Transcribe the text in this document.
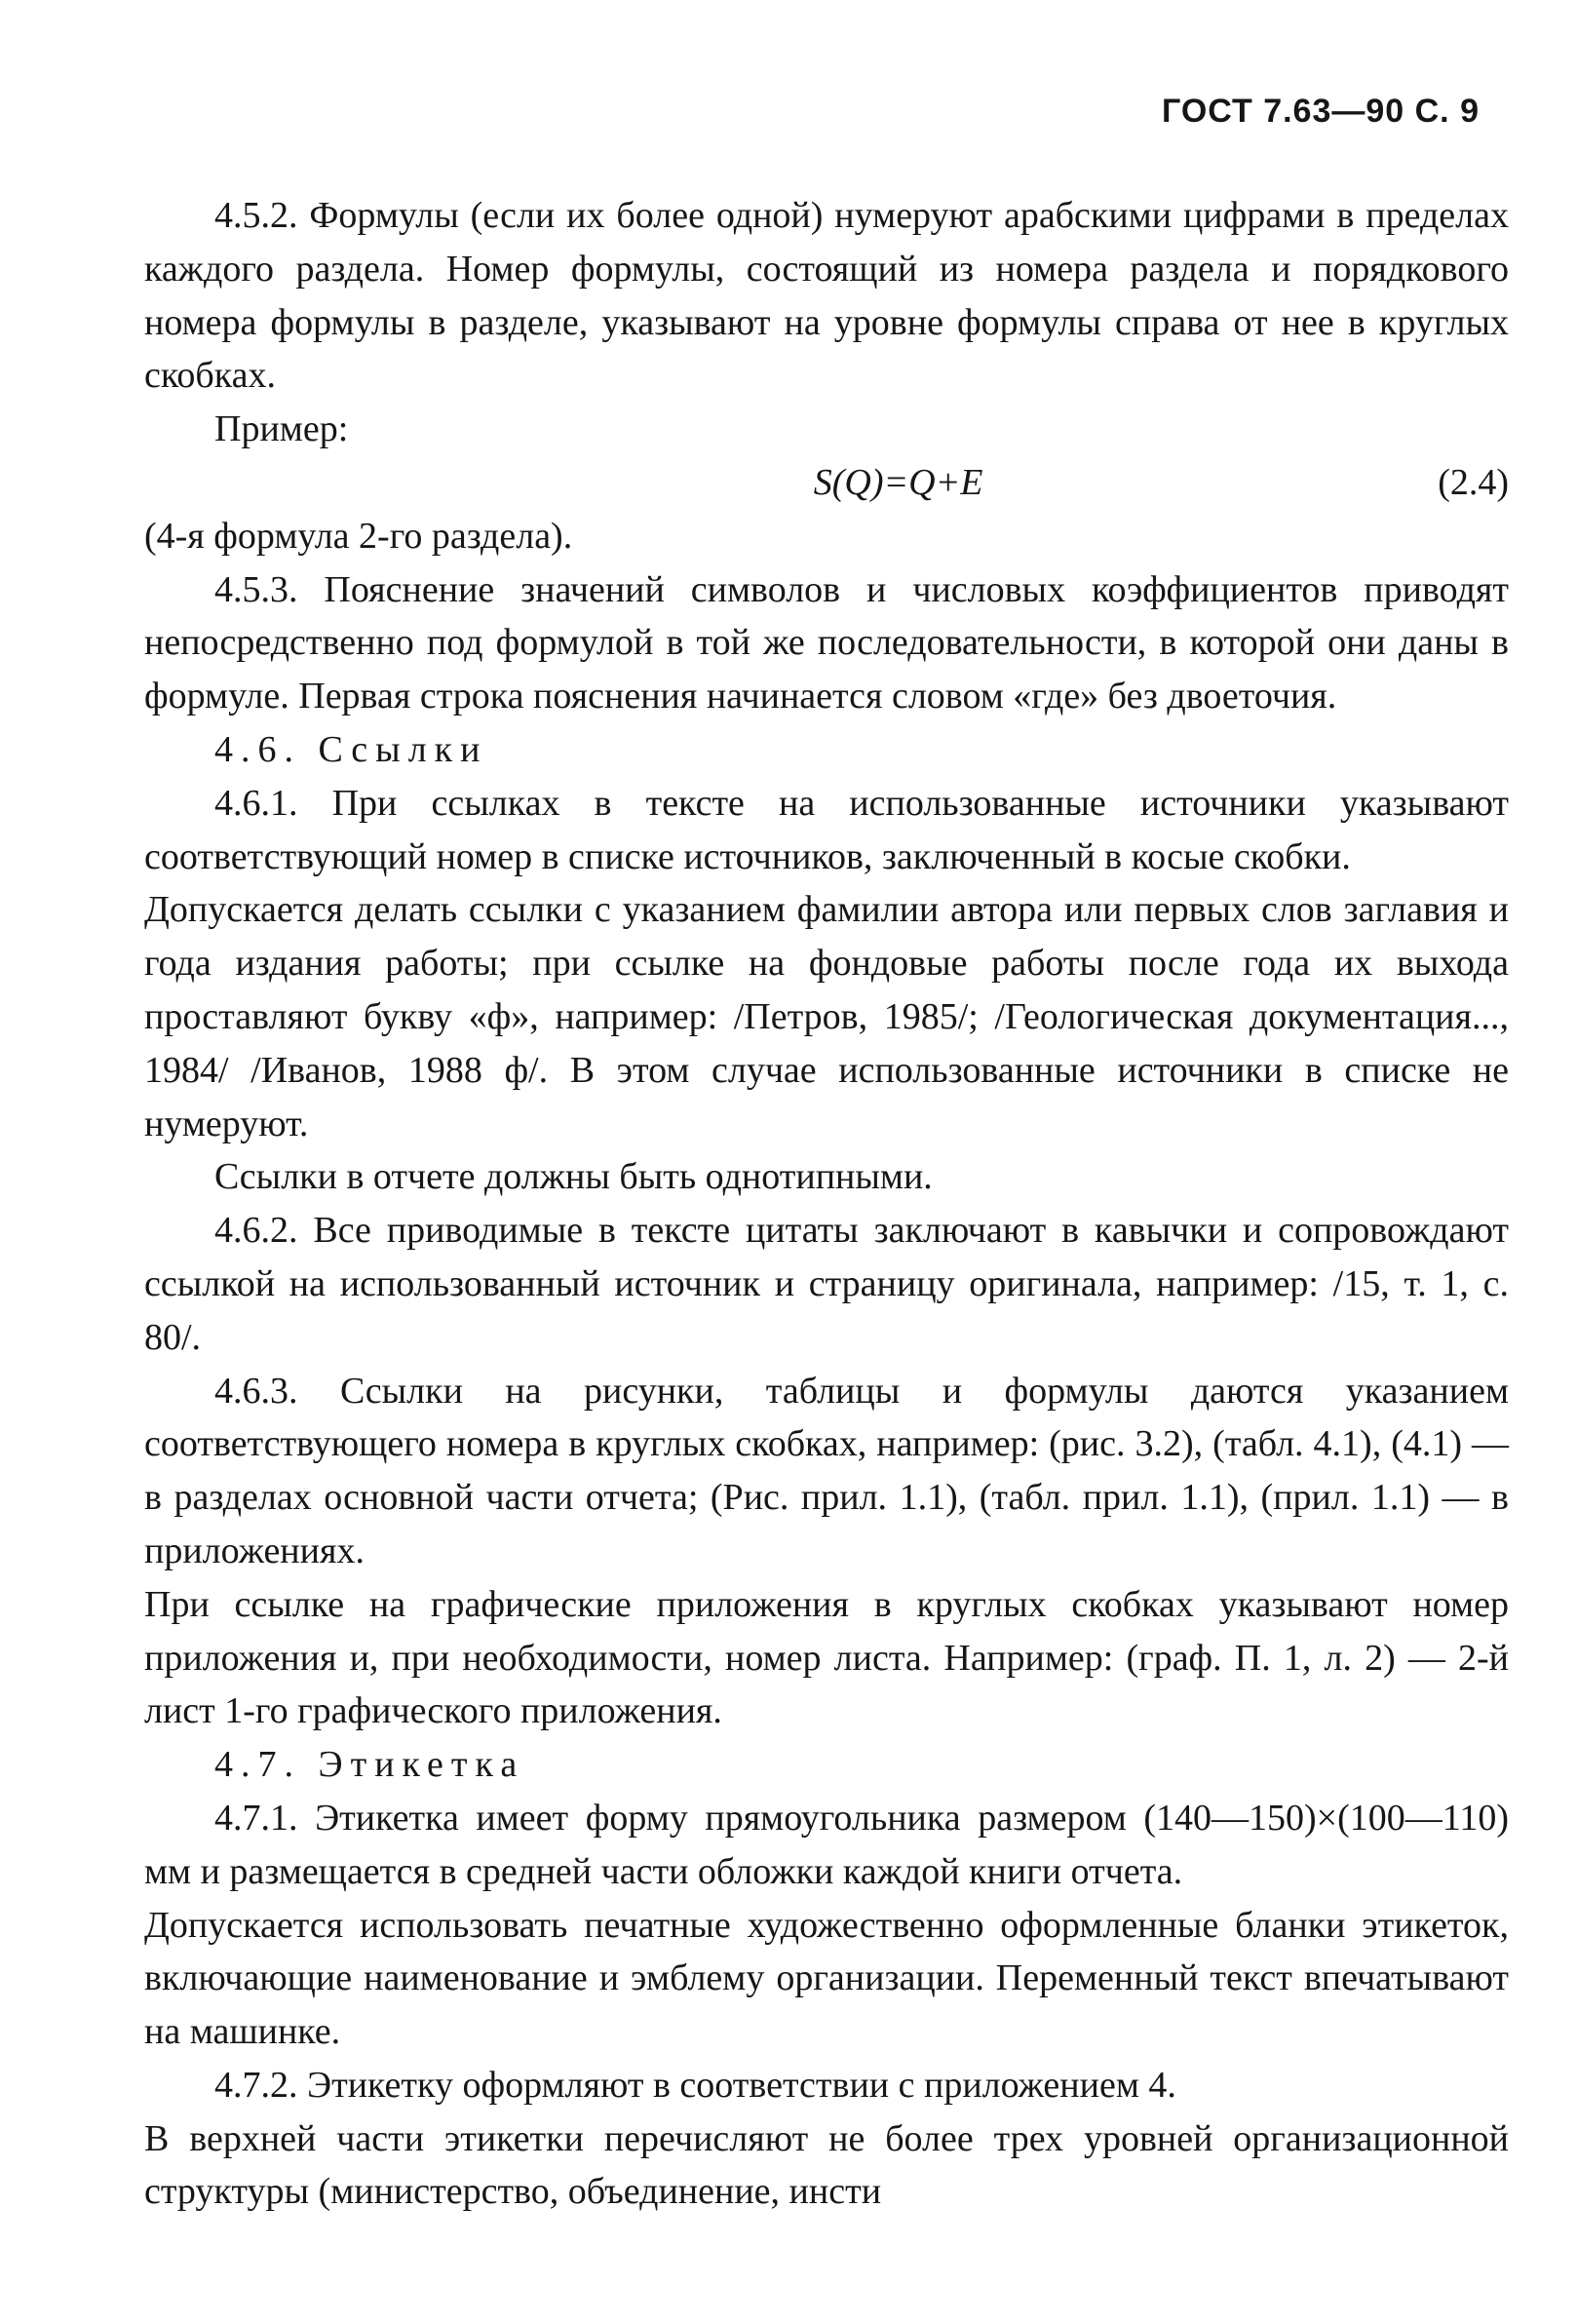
ГОСТ 7.63—90 С. 9
4.5.2. Формулы (если их более одной) нумеруют арабскими цифрами в пределах каждого раздела. Номер формулы, состоящий из номера раздела и порядкового номера формулы в разделе, указывают на уровне формулы справа от нее в круглых скобках.
Пример:
S(Q)=Q+E	(2.4)
(4-я формула 2-го раздела).
4.5.3. Пояснение значений символов и числовых коэффициентов приводят непосредственно под формулой в той же последовательности, в которой они даны в формуле. Первая строка пояснения начинается словом «где» без двоеточия.
4.6. Ссылки
4.6.1. При ссылках в тексте на использованные источники указывают соответствующий номер в списке источников, заключенный в косые скобки.
Допускается делать ссылки с указанием фамилии автора или первых слов заглавия и года издания работы; при ссылке на фондовые работы после года их выхода проставляют букву «ф», например: /Петров, 1985/; /Геологическая документация..., 1984/ /Иванов, 1988 ф/. В этом случае использованные источники в списке не нумеруют.
Ссылки в отчете должны быть однотипными.
4.6.2. Все приводимые в тексте цитаты заключают в кавычки и сопровождают ссылкой на использованный источник и страницу оригинала, например: /15, т. 1, с. 80/.
4.6.3. Ссылки на рисунки, таблицы и формулы даются указанием соответствующего номера в круглых скобках, например: (рис. 3.2), (табл. 4.1), (4.1) — в разделах основной части отчета; (Рис. прил. 1.1), (табл. прил. 1.1), (прил. 1.1) — в приложениях.
При ссылке на графические приложения в круглых скобках указывают номер приложения и, при необходимости, номер листа. Например: (граф. П. 1, л. 2) — 2-й лист 1-го графического приложения.
4.7. Этикетка
4.7.1. Этикетка имеет форму прямоугольника размером (140—150)×(100—110) мм и размещается в средней части обложки каждой книги отчета.
Допускается использовать печатные художественно оформленные бланки этикеток, включающие наименование и эмблему организации. Переменный текст впечатывают на машинке.
4.7.2. Этикетку оформляют в соответствии с приложением 4.
В верхней части этикетки перечисляют не более трех уровней организационной структуры (министерство, объединение, инсти
